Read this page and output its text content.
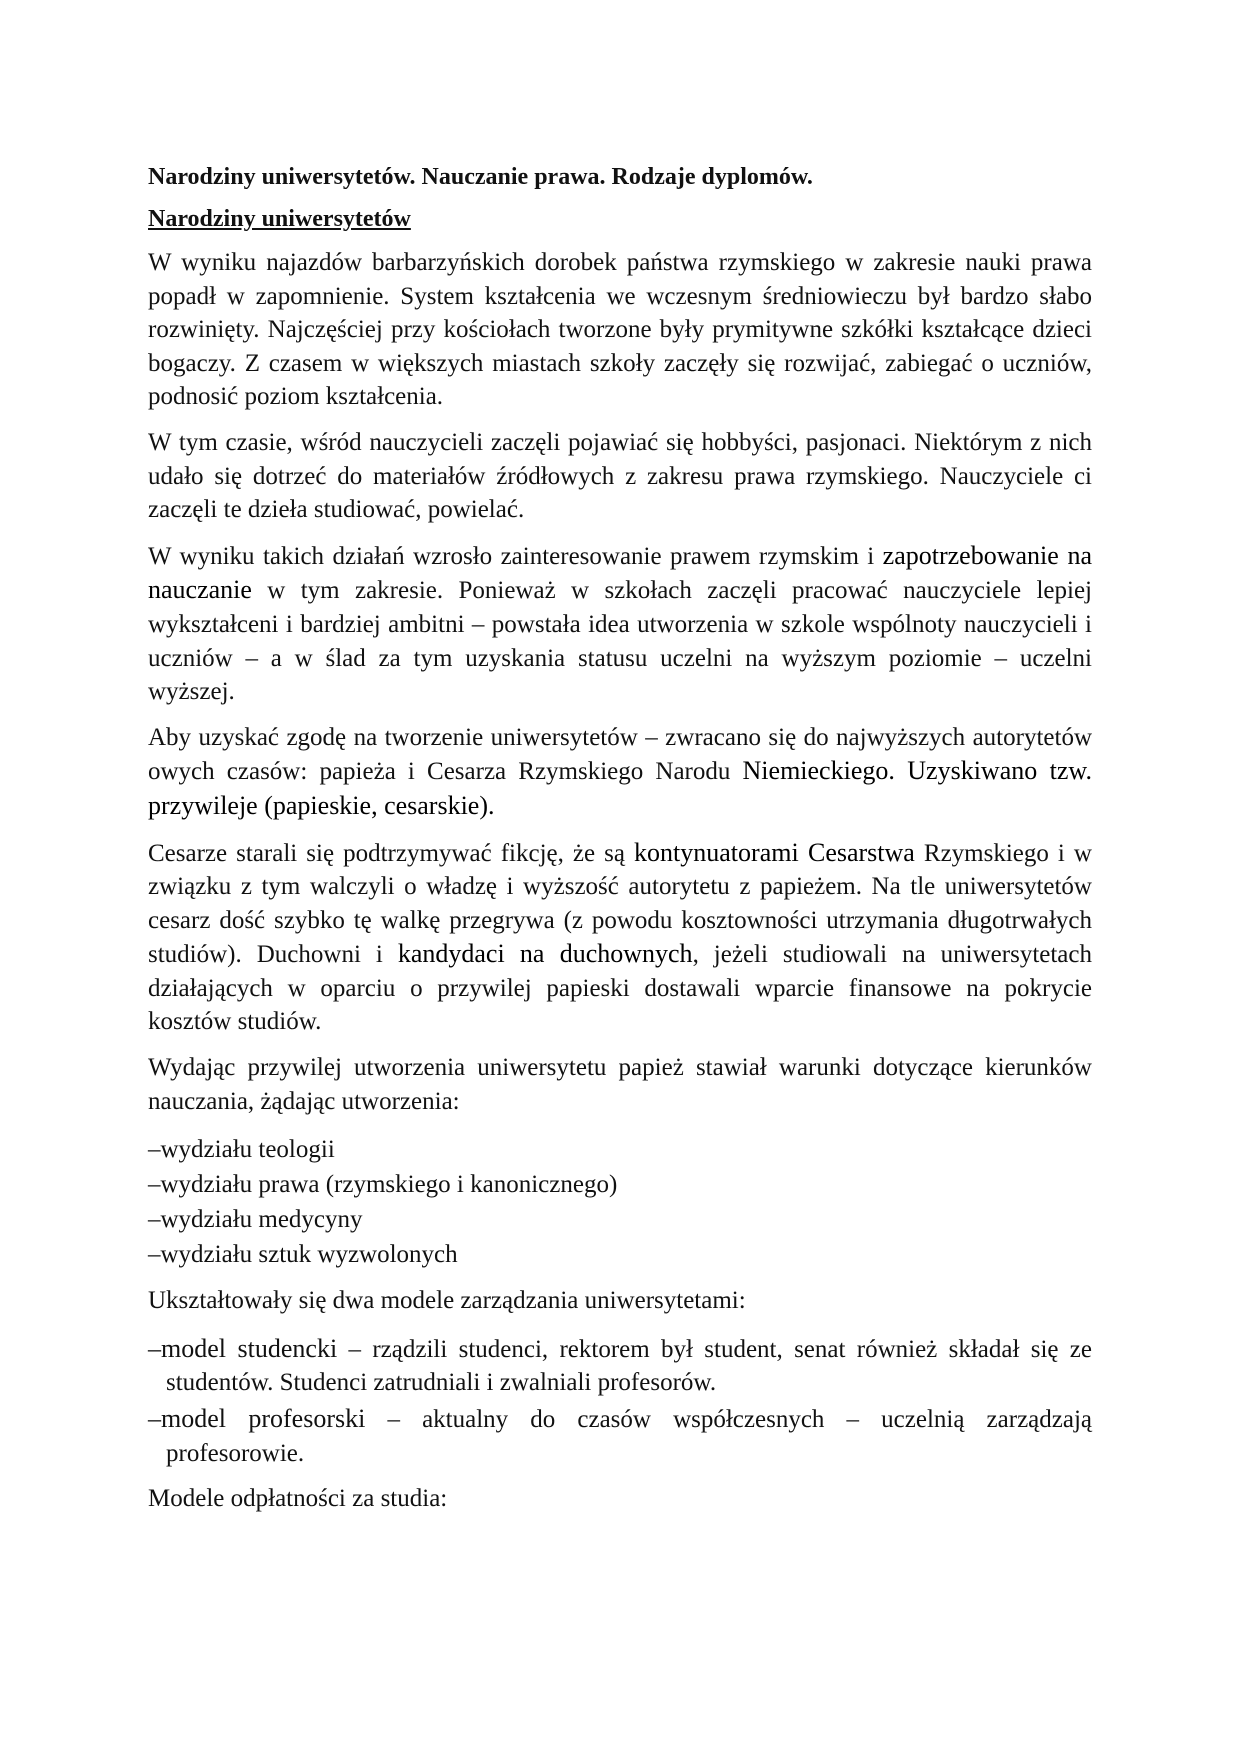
Narodziny uniwersytetów. Nauczanie prawa. Rodzaje dyplomów.
Narodziny uniwersytetów

W wyniku najazdów barbarzyńskich dorobek państwa rzymskiego w zakresie nauki prawa popadł w zapomnienie. System kształcenia we wczesnym średniowieczu był bardzo słabo rozwinięty. Najczęściej przy kościołach tworzone były prymitywne szkółki kształcące dzieci bogaczy. Z czasem w większych miastach szkoły zaczęły się rozwijać, zabiegać o uczniów, podnosić poziom kształcenia.

W tym czasie, wśród nauczycieli zaczęli pojawiać się hobbyści, pasjonaci. Niektórym z nich udało się dotrzeć do materiałów źródłowych z zakresu prawa rzymskiego. Nauczyciele ci zaczęli te dzieła studiować, powielać.

W wyniku takich działań wzrosło zainteresowanie prawem rzymskim i zapotrzebowanie na nauczanie w tym zakresie. Ponieważ w szkołach zaczęli pracować nauczyciele lepiej wykształceni i bardziej ambitni – powstała idea utworzenia w szkole wspólnoty nauczycieli i uczniów – a w ślad za tym uzyskania statusu uczelni na wyższym poziomie – uczelni wyższej.

Aby uzyskać zgodę na tworzenie uniwersytetów – zwracano się do najwyższych autorytetów owych czasów: papieża i Cesarza Rzymskiego Narodu Niemieckiego. Uzyskiwano tzw. przywileje (papieskie, cesarskie).

Cesarze starali się podtrzymywać fikcję, że są kontynuatorami Cesarstwa Rzymskiego i w związku z tym walczyli o władzę i wyższość autorytetu z papieżem. Na tle uniwersytetów cesarz dość szybko tę walkę przegrywa (z powodu kosztowności utrzymania długotrwałych studiów). Duchowni i kandydaci na duchownych, jeżeli studiowali na uniwersytetach działających w oparciu o przywilej papieski dostawali wparcie finansowe na pokrycie kosztów studiów.

Wydając przywilej utworzenia uniwersytetu papież stawiał warunki dotyczące kierunków nauczania, żądając utworzenia:

–wydziału teologii
–wydziału prawa (rzymskiego i kanonicznego)
–wydziału medycyny
–wydziału sztuk wyzwolonych

Ukształtowały się dwa modele zarządzania uniwersytetami:

–model studencki – rządzili studenci, rektorem był student, senat również składał się ze studentów. Studenci zatrudniali i zwalniali profesorów.
–model profesorski – aktualny do czasów współczesnych – uczelnią zarządzają profesorowie.

Modele odpłatności za studia:
